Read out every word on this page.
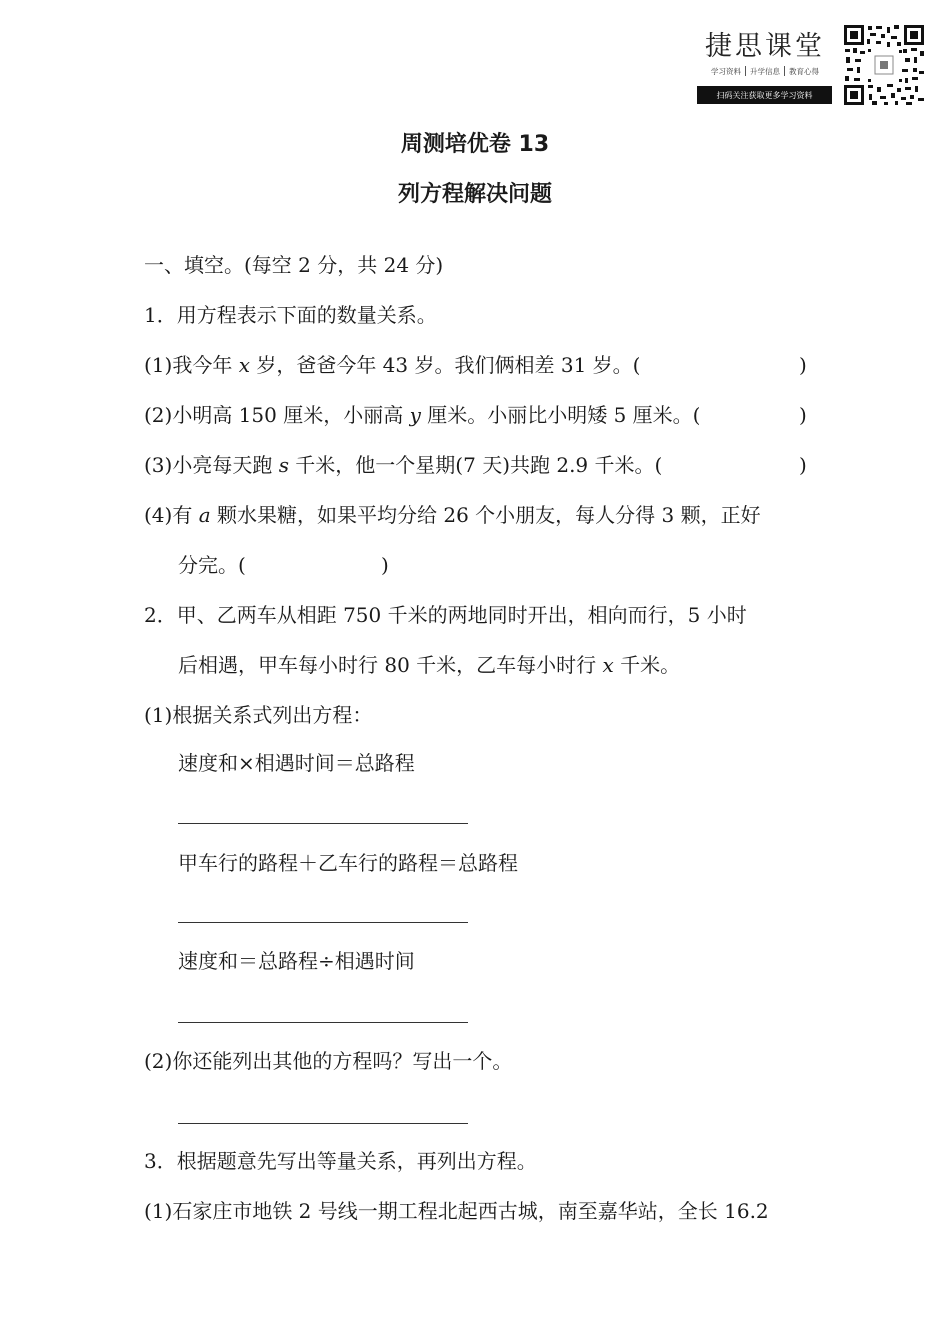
捷思课堂
学习资料	升学信息	教育心得
扫码关注获取更多学习资料
周测培优卷 13
列方程解决问题
一、填空。(每空 2 分，共 24 分)
1．用方程表示下面的数量关系。
(1)我今年 x 岁，爸爸今年 43 岁。我们俩相差 31 岁。(	)
(2)小明高 150 厘米，小丽高 y 厘米。小丽比小明矮 5 厘米。(	)
(3)小亮每天跑 s 千米，他一个星期(7 天)共跑 2.9 千米。(	)
(4)有 a 颗水果糖，如果平均分给 26 个小朋友，每人分得 3 颗，正好
分完。(	)
2．甲、乙两车从相距 750 千米的两地同时开出，相向而行，5 小时
后相遇，甲车每小时行 80 千米，乙车每小时行 x 千米。
(1)根据关系式列出方程：
速度和×相遇时间＝总路程
甲车行的路程＋乙车行的路程＝总路程
速度和＝总路程÷相遇时间
(2)你还能列出其他的方程吗？写出一个。
3．根据题意先写出等量关系，再列出方程。
(1)石家庄市地铁 2 号线一期工程北起西古城，南至嘉华站，全长 16.2
